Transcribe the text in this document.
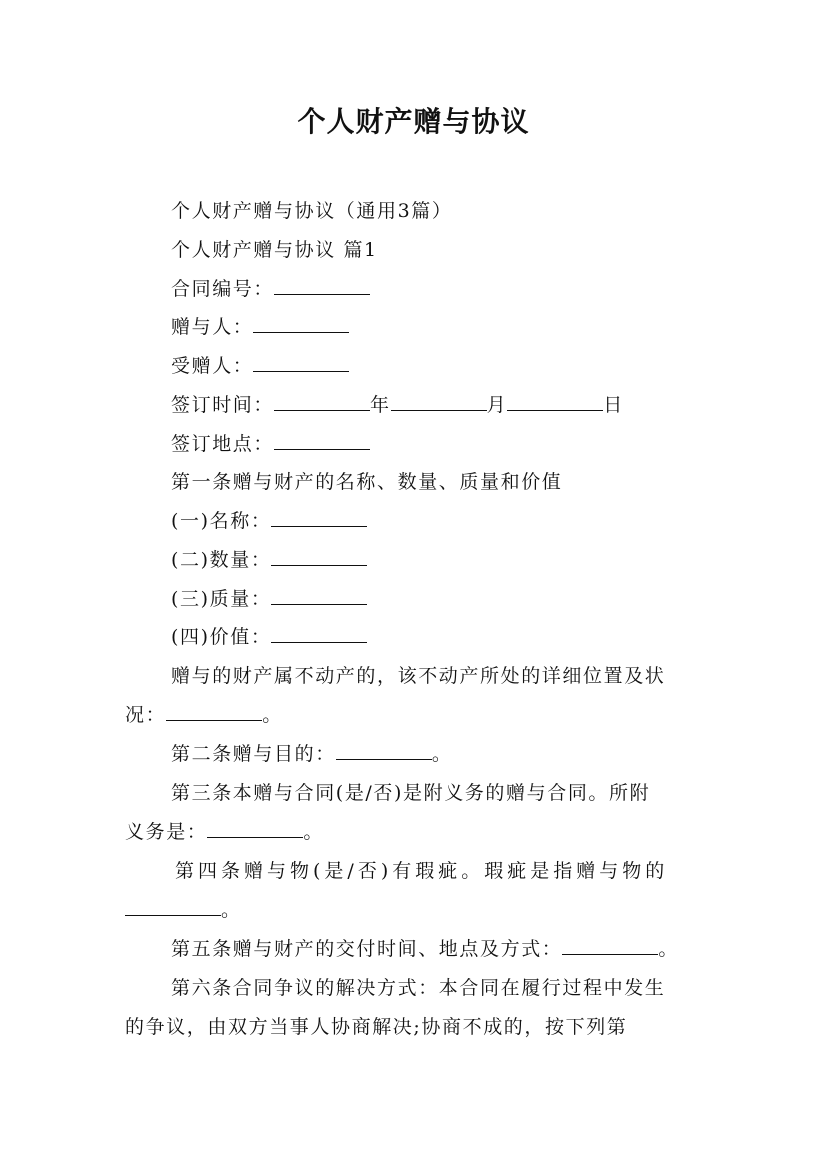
个人财产赠与协议
个人财产赠与协议（通用3篇）
个人财产赠与协议 篇1
合同编号：
赠与人：
受赠人：
签订时间：	年	月	日
签订地点：
第一条赠与财产的名称、数量、质量和价值
(一)名称：
(二)数量：
(三)质量：
(四)价值：
赠与的财产属不动产的，该不动产所处的详细位置及状
况：	。
第二条赠与目的：	。
第三条本赠与合同(是/否)是附义务的赠与合同。所附
义务是：	。
第四条赠与物(是/否)有瑕疵。瑕疵是指赠与物的
。
第五条赠与财产的交付时间、地点及方式：	。
第六条合同争议的解决方式：本合同在履行过程中发生
的争议，由双方当事人协商解决;协商不成的，按下列第
